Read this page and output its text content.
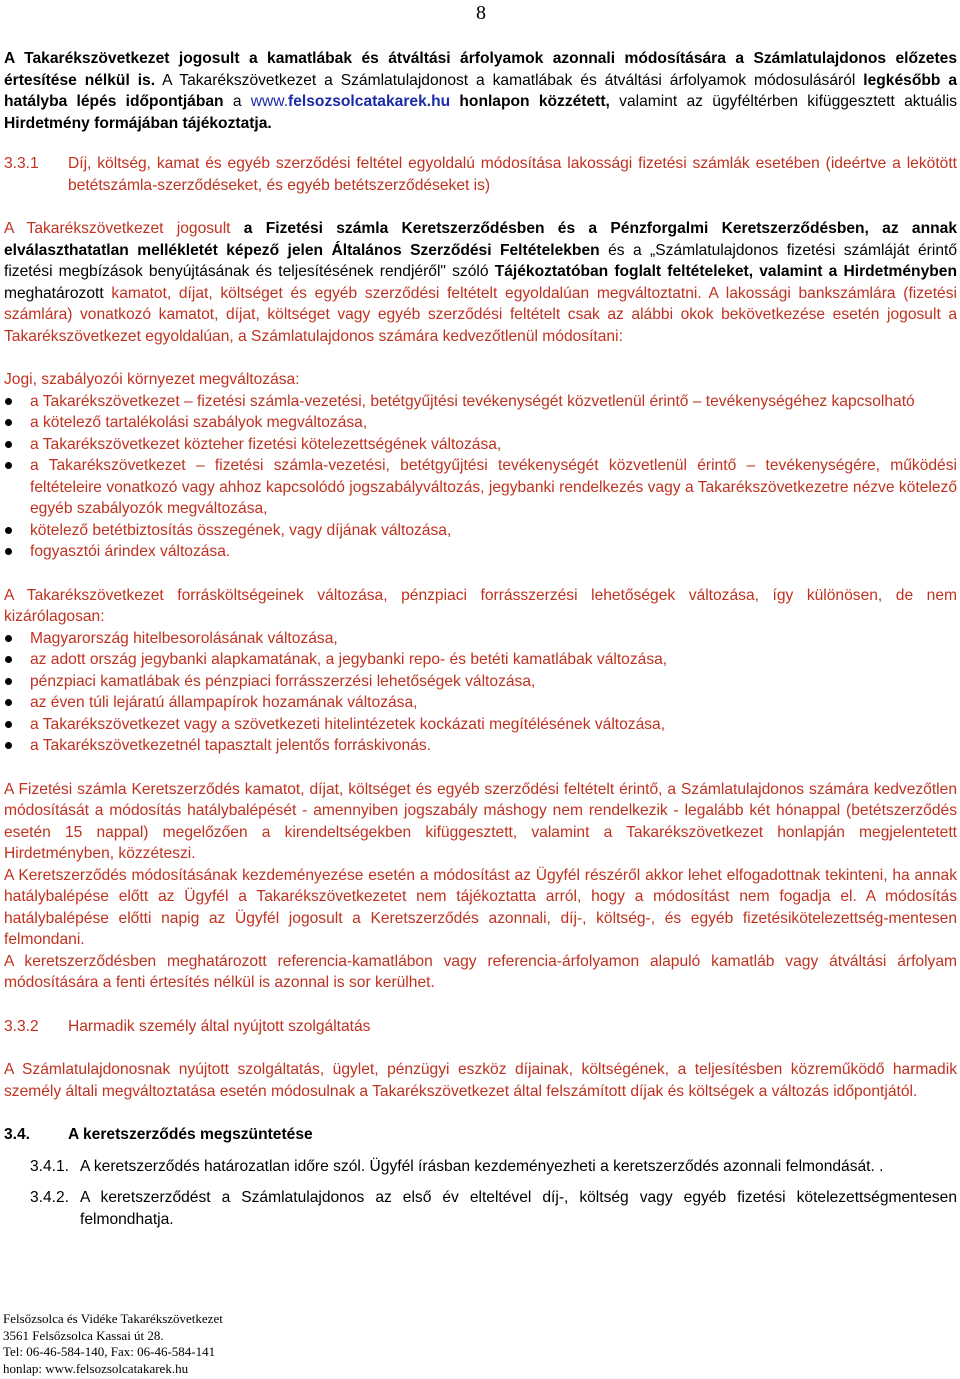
8

A Takarékszövetkezet jogosult a kamatlábak és átváltási árfolyamok azonnali módosítására a Számlatulajdonos előzetes értesítése nélkül is. A Takarékszövetkezet a Számlatulajdonost a kamatlábak és átváltási árfolyamok módosulásáról legkésőbb a hatályba lépés időpontjában a www.felsozsolcatakarek.hu honlapon közzétett, valamint az ügyféltérben kifüggesztett aktuális Hirdetmény formájában tájékoztatja.

3.3.1	Díj, költség, kamat és egyéb szerződési feltétel egyoldalú módosítása lakossági fizetési számlák esetében (ideértve a lekötött betétszámla-szerződéseket, és egyéb betétszerződéseket is)

A Takarékszövetkezet jogosult a Fizetési számla Keretszerződésben és a Pénzforgalmi Keretszerződésben, az annak elválaszthatatlan mellékletét képező jelen Általános Szerződési Feltételekben és a „Számlatulajdonos fizetési számláját érintő fizetési megbízások benyújtásának és teljesítésének rendjéről" szóló Tájékoztatóban foglalt feltételeket, valamint a Hirdetményben meghatározott kamatot, díjat, költséget és egyéb szerződési feltételt egyoldalúan megváltoztatni. A lakossági bankszámlára (fizetési számlára) vonatkozó kamatot, díjat, költséget vagy egyéb szerződési feltételt csak az alábbi okok bekövetkezése esetén jogosult a Takarékszövetkezet egyoldalúan, a Számlatulajdonos számára kedvezőtlenül módosítani:

Jogi, szabályozói környezet megváltozása:

a Takarékszövetkezet – fizetési számla-vezetési, betétgyűjtési tevékenységét közvetlenül érintő – tevékenységéhez kapcsolható
a kötelező tartalékolási szabályok megváltozása,
a Takarékszövetkezet közteher fizetési kötelezettségének változása,
a Takarékszövetkezet – fizetési számla-vezetési, betétgyűjtési tevékenységét közvetlenül érintő – tevékenységére, működési feltételeire vonatkozó vagy ahhoz kapcsolódó jogszabályváltozás, jegybanki rendelkezés vagy a Takarékszövetkezetre nézve kötelező egyéb szabályozók megváltozása,
kötelező betétbiztosítás összegének, vagy díjának változása,
fogyasztói árindex változása.

A Takarékszövetkezet forrásköltségeinek változása, pénzpiaci forrásszerzési lehetőségek változása, így különösen, de nem kizárólagosan:

Magyarország hitelbesorolásának változása,
az adott ország jegybanki alapkamatának, a jegybanki repo- és betéti kamatlábak változása,
pénzpiaci kamatlábak és pénzpiaci forrásszerzési lehetőségek változása,
az éven túli lejáratú állampapírok hozamának változása,
a Takarékszövetkezet vagy a szövetkezeti hitelintézetek kockázati megítélésének változása,
a Takarékszövetkezetnél tapasztalt jelentős forráskivonás.

A Fizetési számla Keretszerződés kamatot, díjat, költséget és egyéb szerződési feltételt érintő, a Számlatulajdonos számára kedvezőtlen módosítását a módosítás hatálybalépését - amennyiben jogszabály máshogy nem rendelkezik - legalább két hónappal (betétszerződés esetén 15 nappal) megelőzően a kirendeltségekben kifüggesztett, valamint a Takarékszövetkezet honlapján megjelentetett Hirdetményben, közzéteszi.

A Keretszerződés módosításának kezdeményezése esetén a módosítást az Ügyfél részéről akkor lehet elfogadottnak tekinteni, ha annak hatálybalépése előtt az Ügyfél a Takarékszövetkezetet nem tájékoztatta arról, hogy a módosítást nem fogadja el. A módosítás hatálybalépése előtti napig az Ügyfél jogosult a Keretszerződés azonnali, díj-, költség-, és egyéb fizetésikötelezettség-mentesen felmondani.

A keretszerződésben meghatározott referencia-kamatlábon vagy referencia-árfolyamon alapuló kamatláb vagy átváltási árfolyam módosítására a fenti értesítés nélkül is azonnal is sor kerülhet.

3.3.2	Harmadik személy által nyújtott szolgáltatás

A Számlatulajdonosnak nyújtott szolgáltatás, ügylet, pénzügyi eszköz díjainak, költségének, a teljesítésben közreműködő harmadik személy általi megváltoztatása esetén módosulnak a Takarékszövetkezet által felszámított díjak és költségek a változás időpontjától.

3.4.	A keretszerződés megszüntetése
3.4.1. A keretszerződés határozatlan időre szól. Ügyfél írásban kezdeményezheti a keretszerződés azonnali felmondását. .
3.4.2. A keretszerződést a Számlatulajdonos az első év elteltével díj-, költség vagy egyéb fizetési kötelezettségmentesen felmondhatja.
Felsőzsolca és Vidéke Takarékszövetkezet
3561 Felsőzsolca Kassai út 28.
Tel: 06-46-584-140, Fax: 06-46-584-141
honlap: www.felsozsolcatakarek.hu
